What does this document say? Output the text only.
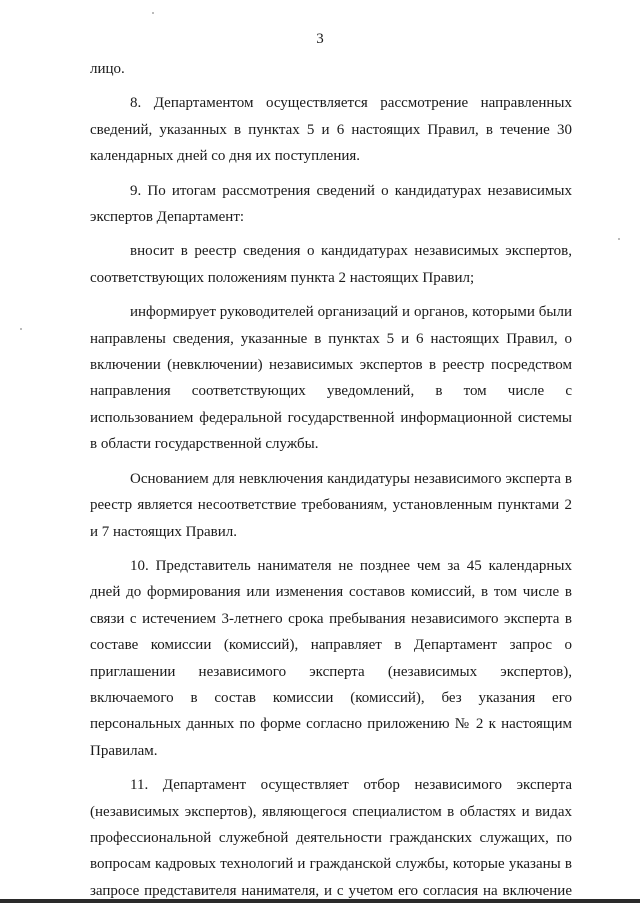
3

лицо.

8. Департаментом осуществляется рассмотрение направленных сведений, указанных в пунктах 5 и 6 настоящих Правил, в течение 30 календарных дней со дня их поступления.

9. По итогам рассмотрения сведений о кандидатурах независимых экспертов Департамент:

вносит в реестр сведения о кандидатурах независимых экспертов, соответствующих положениям пункта 2 настоящих Правил;

информирует руководителей организаций и органов, которыми были направлены сведения, указанные в пунктах 5 и 6 настоящих Правил, о включении (невключении) независимых экспертов в реестр посредством направления соответствующих уведомлений, в том числе с использованием федеральной государственной информационной системы в области государственной службы.

Основанием для невключения кандидатуры независимого эксперта в реестр является несоответствие требованиям, установленным пунктами 2 и 7 настоящих Правил.

10. Представитель нанимателя не позднее чем за 45 календарных дней до формирования или изменения составов комиссий, в том числе в связи с истечением 3-летнего срока пребывания независимого эксперта в составе комиссии (комиссий), направляет в Департамент запрос о приглашении независимого эксперта (независимых экспертов), включаемого в состав комиссии (комиссий), без указания его персональных данных по форме согласно приложению № 2 к настоящим Правилам.

11. Департамент осуществляет отбор независимого эксперта (независимых экспертов), являющегося специалистом в областях и видах профессиональной служебной деятельности гражданских служащих, по вопросам кадровых технологий и гражданской службы, которые указаны в запросе представителя нанимателя, и с учетом его согласия на включение
